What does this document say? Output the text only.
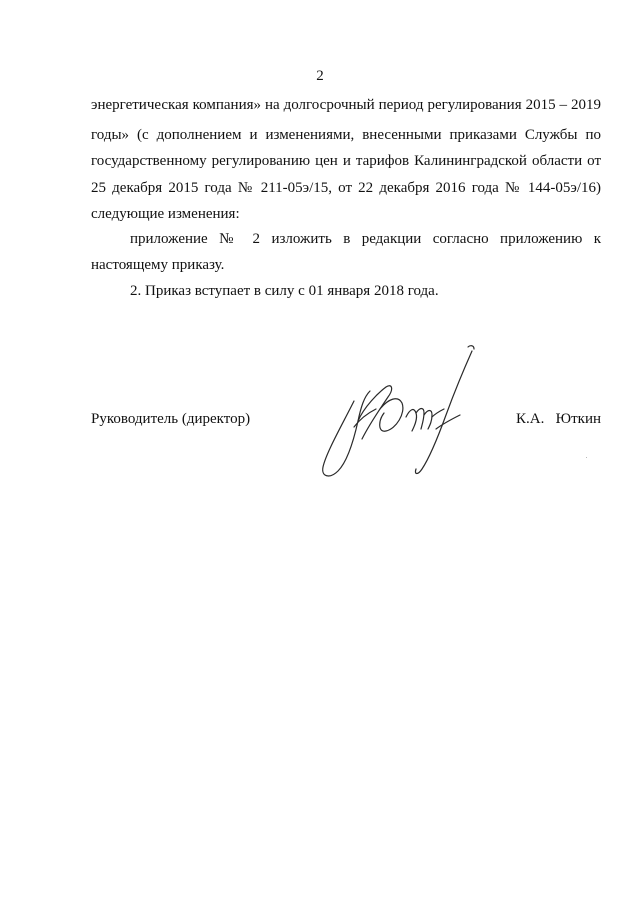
2
энергетическая компания» на долгосрочный период регулирования 2015 – 2019
годы» (с дополнением и изменениями, внесенными приказами Службы по
государственному регулированию цен и тарифов Калининградской области от
25 декабря 2015 года № 211-05э/15, от 22 декабря 2016 года № 144-05э/16)
следующие изменения:
приложение № 2 изложить в редакции согласно приложению к
настоящему приказу.
2. Приказ вступает в силу с 01 января 2018 года.
Руководитель (директор)	К.А. Юткин
